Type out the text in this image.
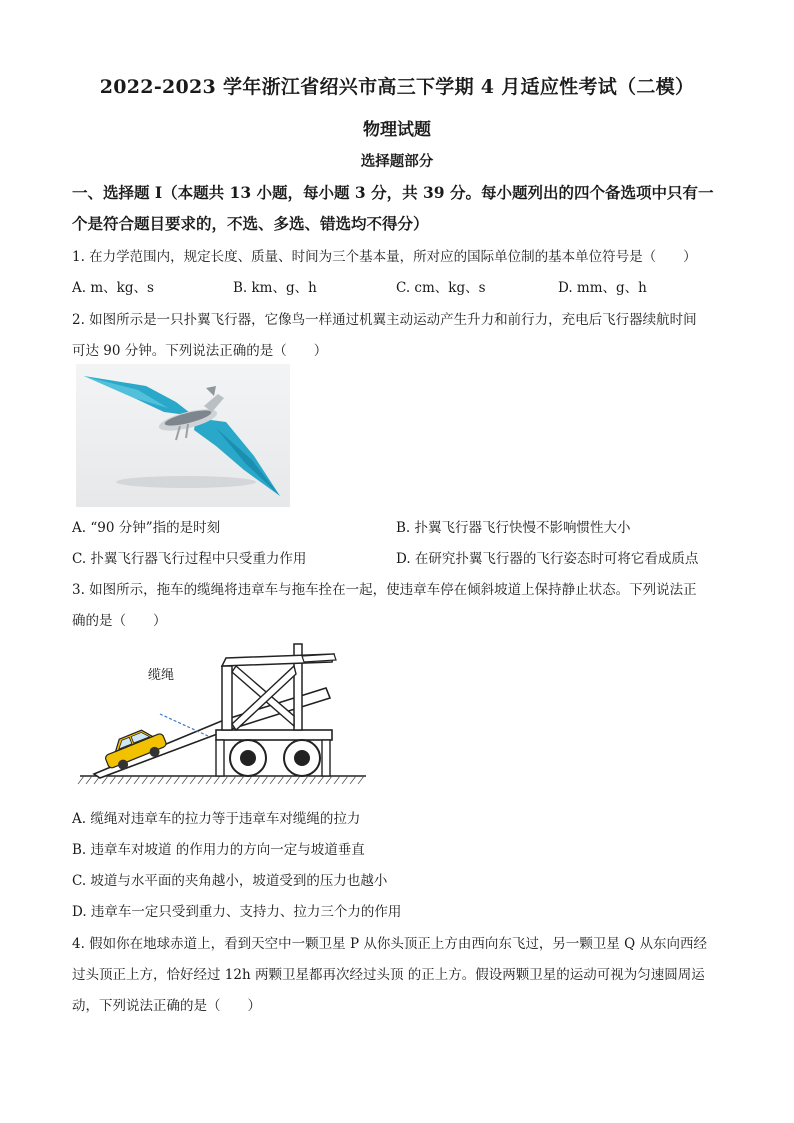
2022-2023 学年浙江省绍兴市高三下学期 4 月适应性考试（二模）
物理试题
选择题部分
一、选择题 I（本题共 13 小题，每小题 3 分，共 39 分。每小题列出的四个备选项中只有一
个是符合题目要求的，不选、多选、错选均不得分）
1. 在力学范围内，规定长度、质量、时间为三个基本量，所对应的国际单位制的基本单位符号是（　　）
A. m、kg、s	B. km、g、h	C. cm、kg、s	D. mm、g、h
2. 如图所示是一只扑翼飞行器，它像鸟一样通过机翼主动运动产生升力和前行力，充电后飞行器续航时间
可达 90 分钟。下列说法正确的是（　　）
A. “90 分钟”指的是时刻	B. 扑翼飞行器飞行快慢不影响惯性大小
C. 扑翼飞行器飞行过程中只受重力作用	D. 在研究扑翼飞行器的飞行姿态时可将它看成质点
3. 如图所示，拖车的缆绳将违章车与拖车拴在一起，使违章车停在倾斜坡道上保持静止状态。下列说法正
确的是（　　）
缆绳
A. 缆绳对违章车的拉力等于违章车对缆绳的拉力
B. 违章车对坡道 的作用力的方向一定与坡道垂直
C. 坡道与水平面的夹角越小，坡道受到的压力也越小
D. 违章车一定只受到重力、支持力、拉力三个力的作用
4. 假如你在地球赤道上，看到天空中一颗卫星 P 从你头顶正上方由西向东飞过，另一颗卫星 Q 从东向西经
过头顶正上方，恰好经过 12h 两颗卫星都再次经过头顶 的正上方。假设两颗卫星的运动可视为匀速圆周运
动，下列说法正确的是（　　）
